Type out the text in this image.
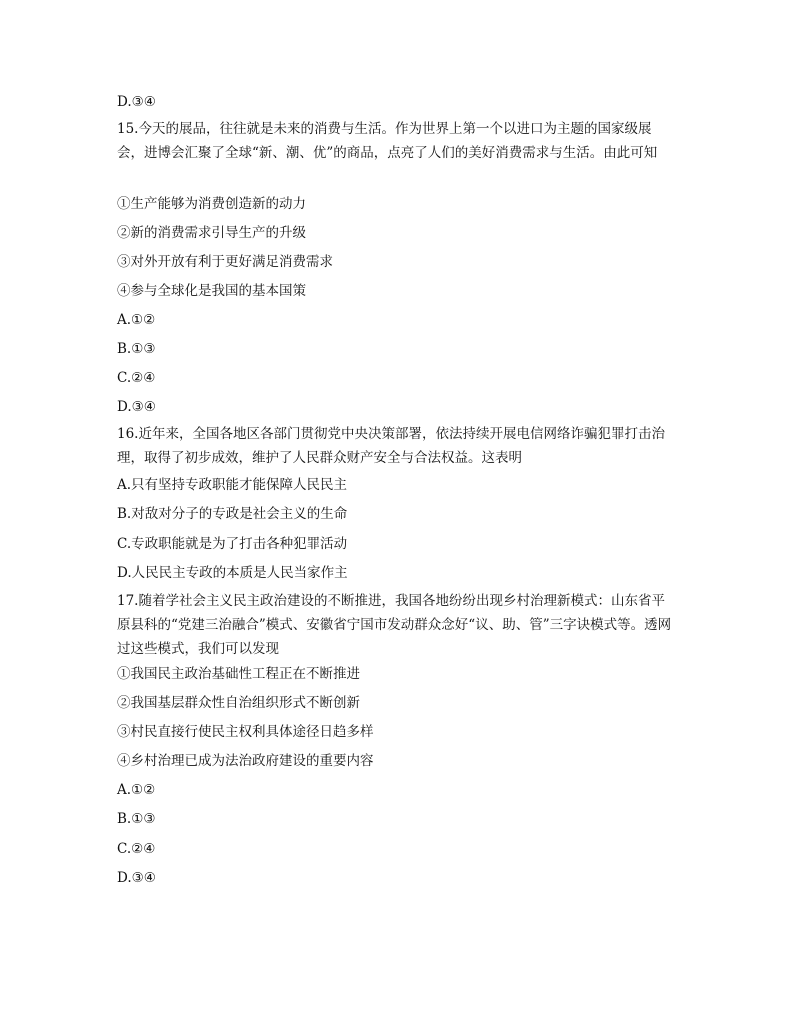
D.③④
15.今天的展品，往往就是未来的消费与生活。作为世界上第一个以进口为主题的国家级展会，进博会汇聚了全球“新、潮、优”的商品，点亮了人们的美好消费需求与生活。由此可知
①生产能够为消费创造新的动力
②新的消费需求引导生产的升级
③对外开放有利于更好满足消费需求
④参与全球化是我国的基本国策
A.①②
B.①③
C.②④
D.③④
16.近年来，全国各地区各部门贯彻党中央决策部署，依法持续开展电信网络诈骗犯罪打击治理，取得了初步成效，维护了人民群众财产安全与合法权益。这表明
A.只有坚持专政职能才能保障人民民主
B.对敌对分子的专政是社会主义的生命
C.专政职能就是为了打击各种犯罪活动
D.人民民主专政的本质是人民当家作主
17.随着学社会主义民主政治建设的不断推进，我国各地纷纷出现乡村治理新模式：山东省平原县科的“党建三治融合”模式、安徽省宁国市发动群众念好“议、助、管”三字诀模式等。透网过这些模式，我们可以发现
①我国民主政治基础性工程正在不断推进
②我国基层群众性自治组织形式不断创新
③村民直接行使民主权利具体途径日趋多样
④乡村治理已成为法治政府建设的重要内容
A.①②
B.①③
C.②④
D.③④
